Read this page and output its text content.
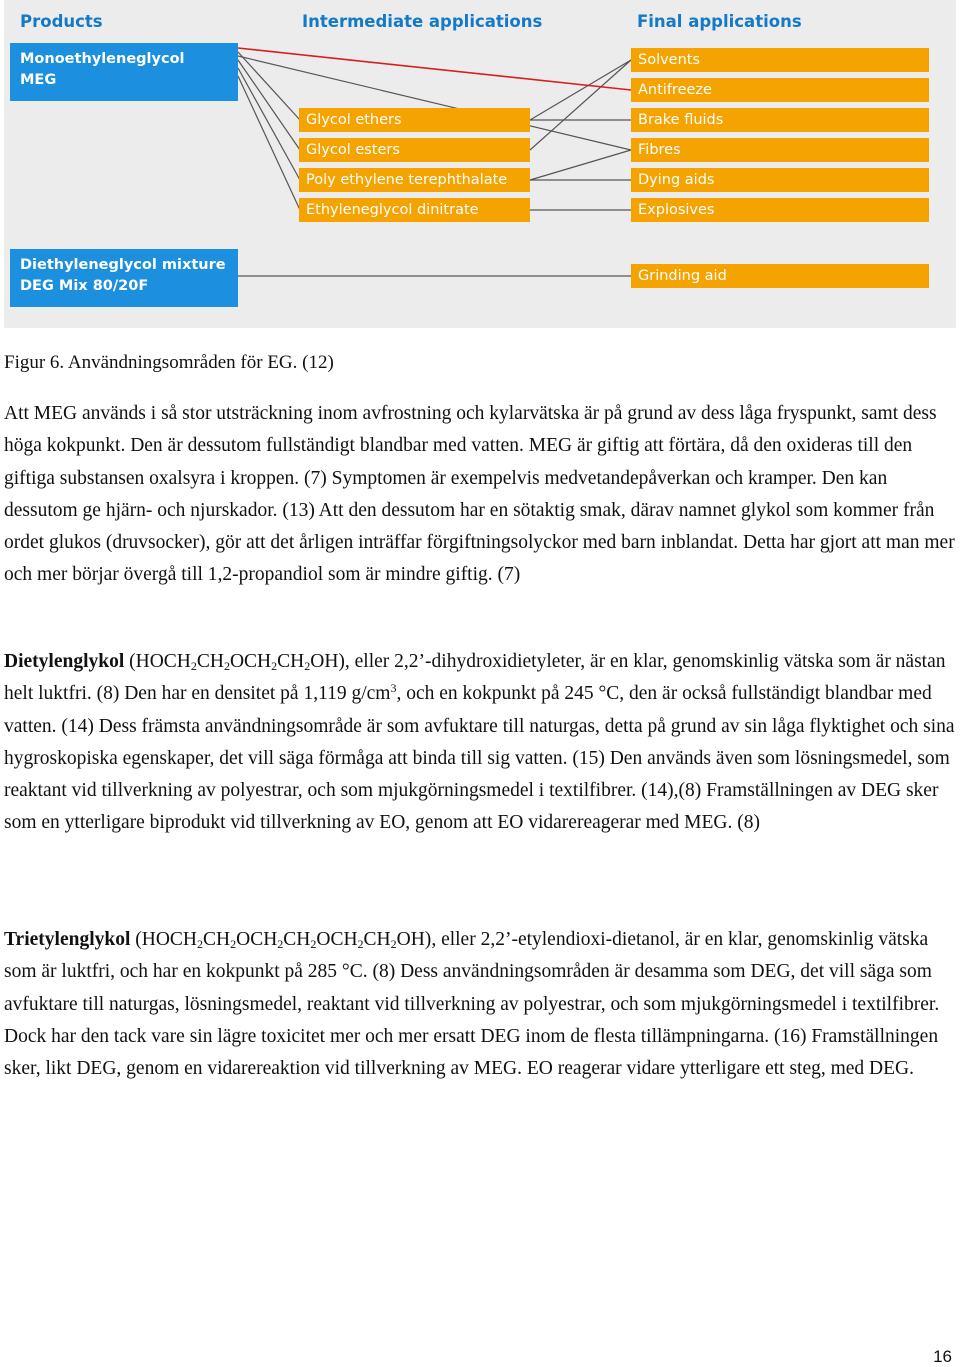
Products	Intermediate applications	Final applications
Monoethyleneglycol
MEG
Diethyleneglycol mixture
DEG Mix 80/20F
Glycol ethers
Glycol esters
Poly ethylene terephthalate
Ethyleneglycol dinitrate
Solvents
Antifreeze
Brake fluids
Fibres
Dying aids
Explosives
Grinding aid
Figur 6. Användningsområden för EG. (12)

Att MEG används i så stor utsträckning inom avfrostning och kylarvätska är på grund av dess låga fryspunkt, samt dess höga kokpunkt. Den är dessutom fullständigt blandbar med vatten. MEG är giftig att förtära, då den oxideras till den giftiga substansen oxalsyra i kroppen. (7) Symptomen är exempelvis medvetandepåverkan och kramper. Den kan dessutom ge hjärn- och njurskador. (13) Att den dessutom har en sötaktig smak, därav namnet glykol som kommer från ordet glukos (druvsocker), gör att det årligen inträffar förgiftningsolyckor med barn inblandat. Detta har gjort att man mer och mer börjar övergå till 1,2-propandiol som är mindre giftig. (7)

Dietylenglykol $(HOCH_2CH_2OCH_2CH_2OH)$, eller 2,2’-dihydroxidietyleter, är en klar, genomskinlig vätska som är nästan helt luktfri. (8) Den har en densitet på 1,119 $g/cm^3$, och en kokpunkt på 245 °C, den är också fullständigt blandbar med vatten. (14) Dess främsta användningsområde är som avfuktare till naturgas, detta på grund av sin låga flyktighet och sina hygroskopiska egenskaper, det vill säga förmåga att binda till sig vatten. (15) Den används även som lösningsmedel, som reaktant vid tillverkning av polyestrar, och som mjukgörningsmedel i textilfibrer. (14),(8) Framställningen av DEG sker som en ytterligare biprodukt vid tillverkning av EO, genom att EO vidarereagerar med MEG. (8)

Trietylenglykol $(HOCH_2CH_2OCH_2CH_2OCH_2CH_2OH)$, eller 2,2’-etylendioxi-dietanol, är en klar, genomskinlig vätska som är luktfri, och har en kokpunkt på 285 °C. (8) Dess användningsområden är desamma som DEG, det vill säga som avfuktare till naturgas, lösningsmedel, reaktant vid tillverkning av polyestrar, och som mjukgörningsmedel i textilfibrer. Dock har den tack vare sin lägre toxicitet mer och mer ersatt DEG inom de flesta tillämpningarna. (16) Framställningen sker, likt DEG, genom en vidarereaktion vid tillverkning av MEG. EO reagerar vidare ytterligare ett steg, med DEG.

16
